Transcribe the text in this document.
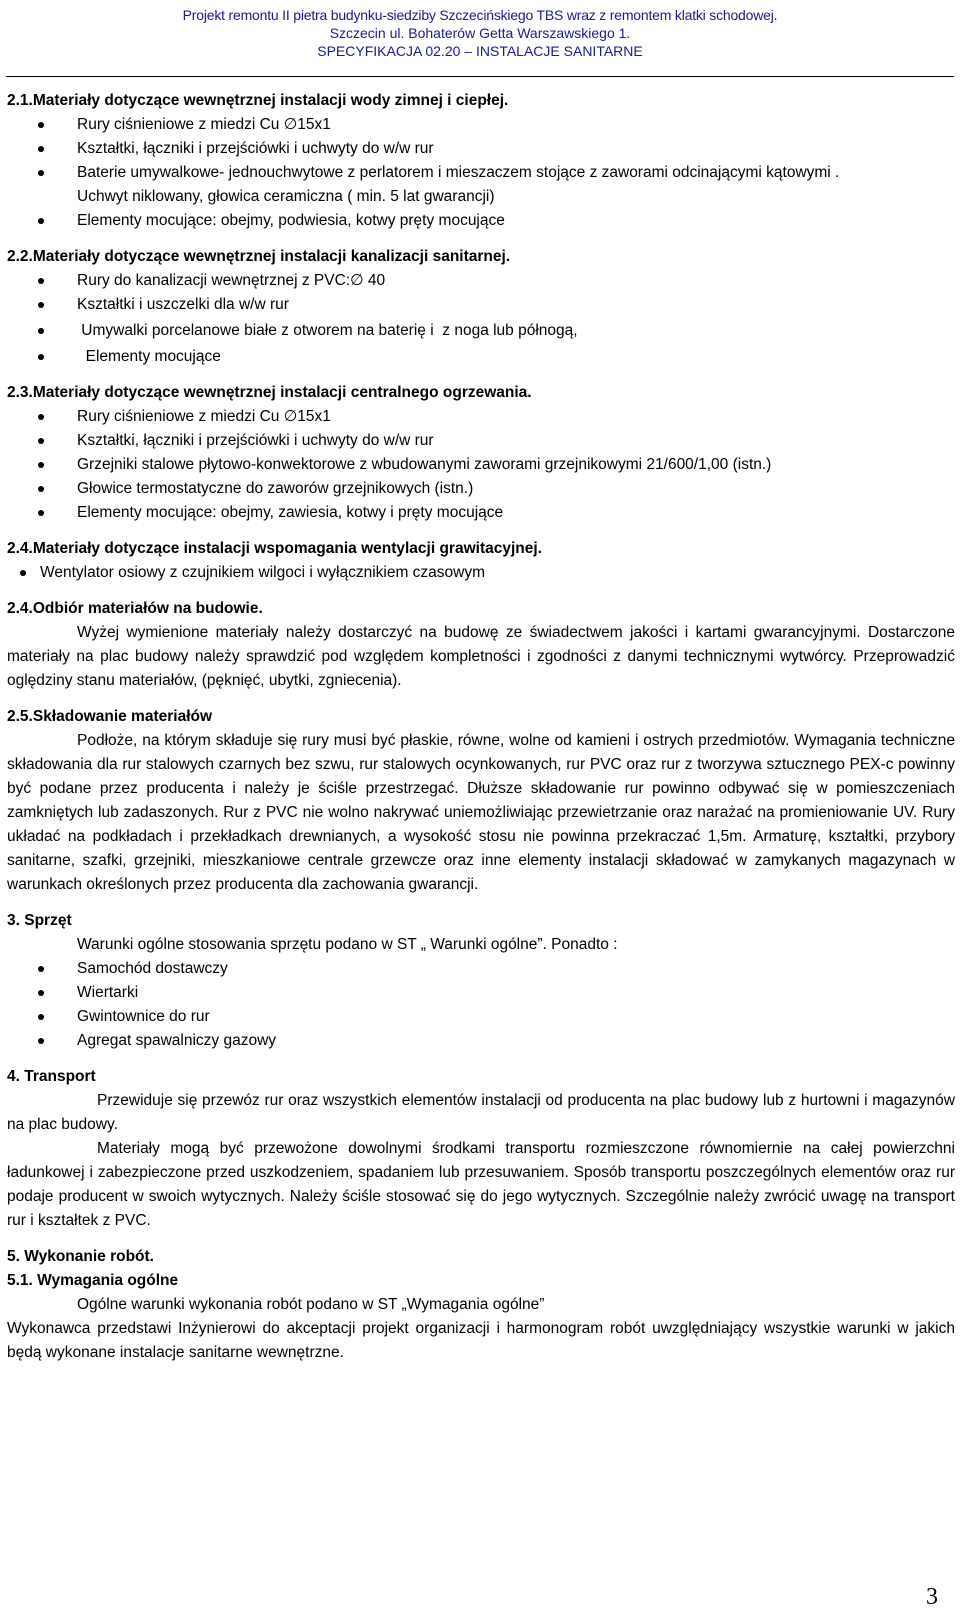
Projekt remontu II pietra budynku-siedziby Szczecińskiego TBS wraz z remontem klatki schodowej.
Szczecin ul. Bohaterów Getta Warszawskiego 1.
SPECYFIKACJA 02.20 – INSTALACJE SANITARNE
2.1.Materiały dotyczące wewnętrznej instalacji wody zimnej i ciepłej.
Rury ciśnieniowe z miedzi Cu ∅15x1
Kształtki, łączniki i przejściówki i uchwyty do w/w rur
Baterie umywalkowe- jednouchwytowe z perlatorem i mieszaczem stojące z zaworami odcinającymi kątowymi .
Uchwyt niklowany, głowica ceramiczna ( min. 5 lat gwarancji)
Elementy mocujące: obejmy, podwiesia, kotwy pręty mocujące
2.2.Materiały dotyczące wewnętrznej instalacji kanalizacji sanitarnej.
Rury do kanalizacji wewnętrznej z PVC:∅ 40
Kształtki i uszczelki dla w/w rur
Umywalki porcelanowe białe z otworem na baterię i  z noga lub półnogą,
Elementy mocujące
2.3.Materiały dotyczące wewnętrznej instalacji centralnego ogrzewania.
Rury ciśnieniowe z miedzi Cu ∅15x1
Kształtki, łączniki i przejściówki i uchwyty do w/w rur
Grzejniki stalowe płytowo-konwektorowe z wbudowanymi zaworami grzejnikowymi 21/600/1,00 (istn.)
Głowice termostatyczne do zaworów grzejnikowych (istn.)
Elementy mocujące: obejmy, zawiesia, kotwy i pręty mocujące
2.4.Materiały dotyczące instalacji wspomagania wentylacji grawitacyjnej.
Wentylator osiowy z czujnikiem wilgoci i wyłącznikiem czasowym
2.4.Odbiór materiałów na budowie.

Wyżej wymienione materiały należy dostarczyć na budowę ze świadectwem jakości i kartami gwarancyjnymi. Dostarczone materiały na plac budowy należy sprawdzić pod względem kompletności i zgodności z danymi technicznymi wytwórcy. Przeprowadzić oględziny stanu materiałów, (pęknięć, ubytki, zgniecenia).

2.5.Składowanie materiałów

Podłoże, na którym składuje się rury musi być płaskie, równe, wolne od kamieni i ostrych przedmiotów. Wymagania techniczne składowania dla rur stalowych czarnych bez szwu, rur stalowych ocynkowanych, rur PVC oraz rur z tworzywa sztucznego PEX-c powinny być podane przez producenta i należy je ściśle przestrzegać. Dłuższe składowanie rur powinno odbywać się w pomieszczeniach zamkniętych lub zadaszonych. Rur z PVC nie wolno nakrywać uniemożliwiając przewietrzanie oraz narażać na promieniowanie UV. Rury układać na podkładach i przekładkach drewnianych, a wysokość stosu nie powinna przekraczać 1,5m. Armaturę, kształtki, przybory sanitarne, szafki, grzejniki, mieszkaniowe centrale grzewcze oraz inne elementy instalacji składować w zamykanych magazynach w warunkach określonych przez producenta dla zachowania gwarancji.

3. Sprzęt

Warunki ogólne stosowania sprzętu podano w ST „ Warunki ogólne”. Ponadto :

Samochód dostawczy
Wiertarki
Gwintownice do rur
Agregat spawalniczy gazowy
4. Transport

Przewiduje się przewóz rur oraz wszystkich elementów instalacji od producenta na plac budowy lub z hurtowni i magazynów na plac budowy.

Materiały mogą być przewożone dowolnymi środkami transportu rozmieszczone równomiernie na całej powierzchni ładunkowej i zabezpieczone przed uszkodzeniem, spadaniem lub przesuwaniem. Sposób transportu poszczególnych elementów oraz rur podaje producent w swoich wytycznych. Należy ściśle stosować się do jego wytycznych. Szczególnie należy zwrócić uwagę na transport rur i kształtek z PVC.

5. Wykonanie robót.
5.1. Wymagania ogólne

Ogólne warunki wykonania robót podano w ST „Wymagania ogólne”

Wykonawca przedstawi Inżynierowi do akceptacji projekt organizacji i harmonogram robót uwzględniający wszystkie warunki w jakich będą wykonane instalacje sanitarne wewnętrzne.

3
